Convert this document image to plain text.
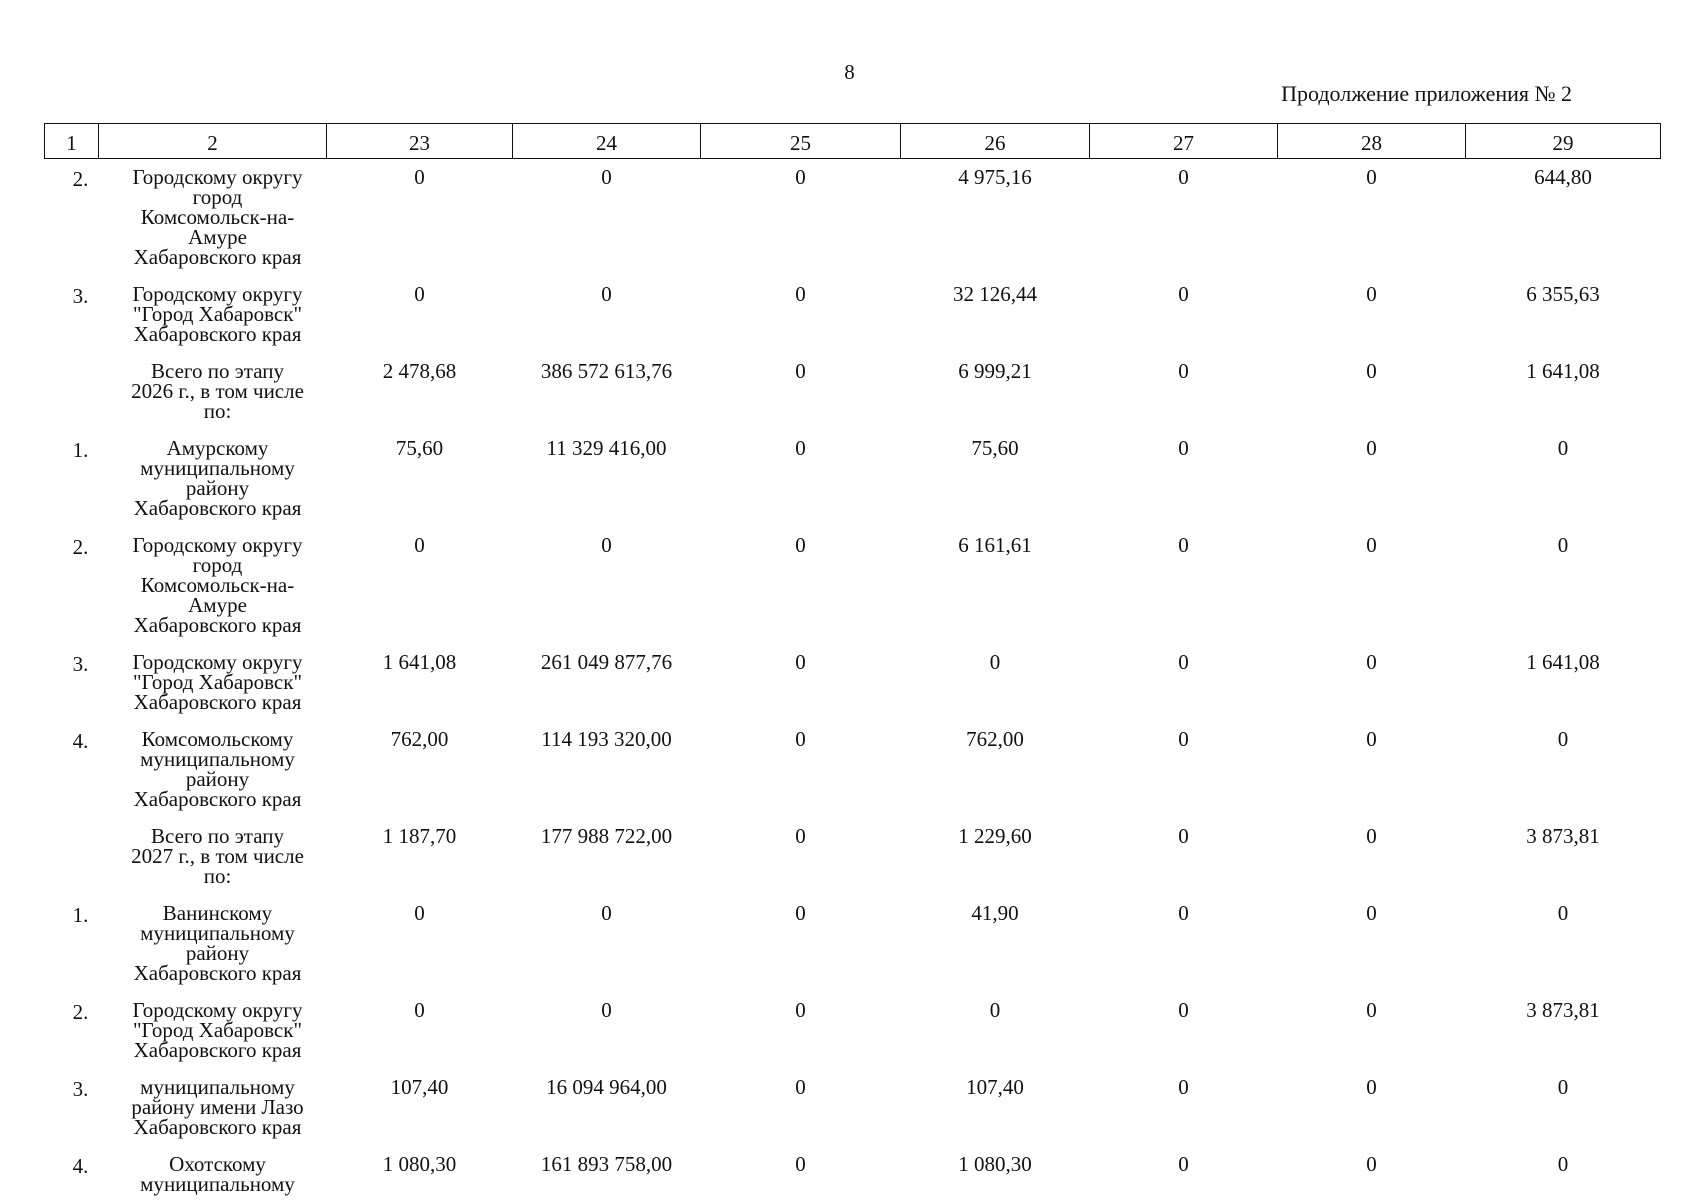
8
Продолжение приложения № 2
1	2	23	24	25	26	27	28	29
2.	Городскому округу
город
Комсомольск-на-
Амуре
Хабаровского края	0	0	0	4 975,16	0	0	644,80
3.	Городскому округу
"Город Хабаровск"
Хабаровского края	0	0	0	32 126,44	0	0	6 355,63
	Всего по этапу
2026 г., в том числе
по:	2 478,68	386 572 613,76	0	6 999,21	0	0	1 641,08
1.	Амурскому
муниципальному
району
Хабаровского края	75,60	11 329 416,00	0	75,60	0	0	0
2.	Городскому округу
город
Комсомольск-на-
Амуре
Хабаровского края	0	0	0	6 161,61	0	0	0
3.	Городскому округу
"Город Хабаровск"
Хабаровского края	1 641,08	261 049 877,76	0	0	0	0	1 641,08
4.	Комсомольскому
муниципальному
району
Хабаровского края	762,00	114 193 320,00	0	762,00	0	0	0
	Всего по этапу
2027 г., в том числе
по:	1 187,70	177 988 722,00	0	1 229,60	0	0	3 873,81
1.	Ванинскому
муниципальному
району
Хабаровского края	0	0	0	41,90	0	0	0
2.	Городскому округу
"Город Хабаровск"
Хабаровского края	0	0	0	0	0	0	3 873,81
3.	муниципальному
району имени Лазо
Хабаровского края	107,40	16 094 964,00	0	107,40	0	0	0
4.	Охотскому
муниципальному	1 080,30	161 893 758,00	0	1 080,30	0	0	0
